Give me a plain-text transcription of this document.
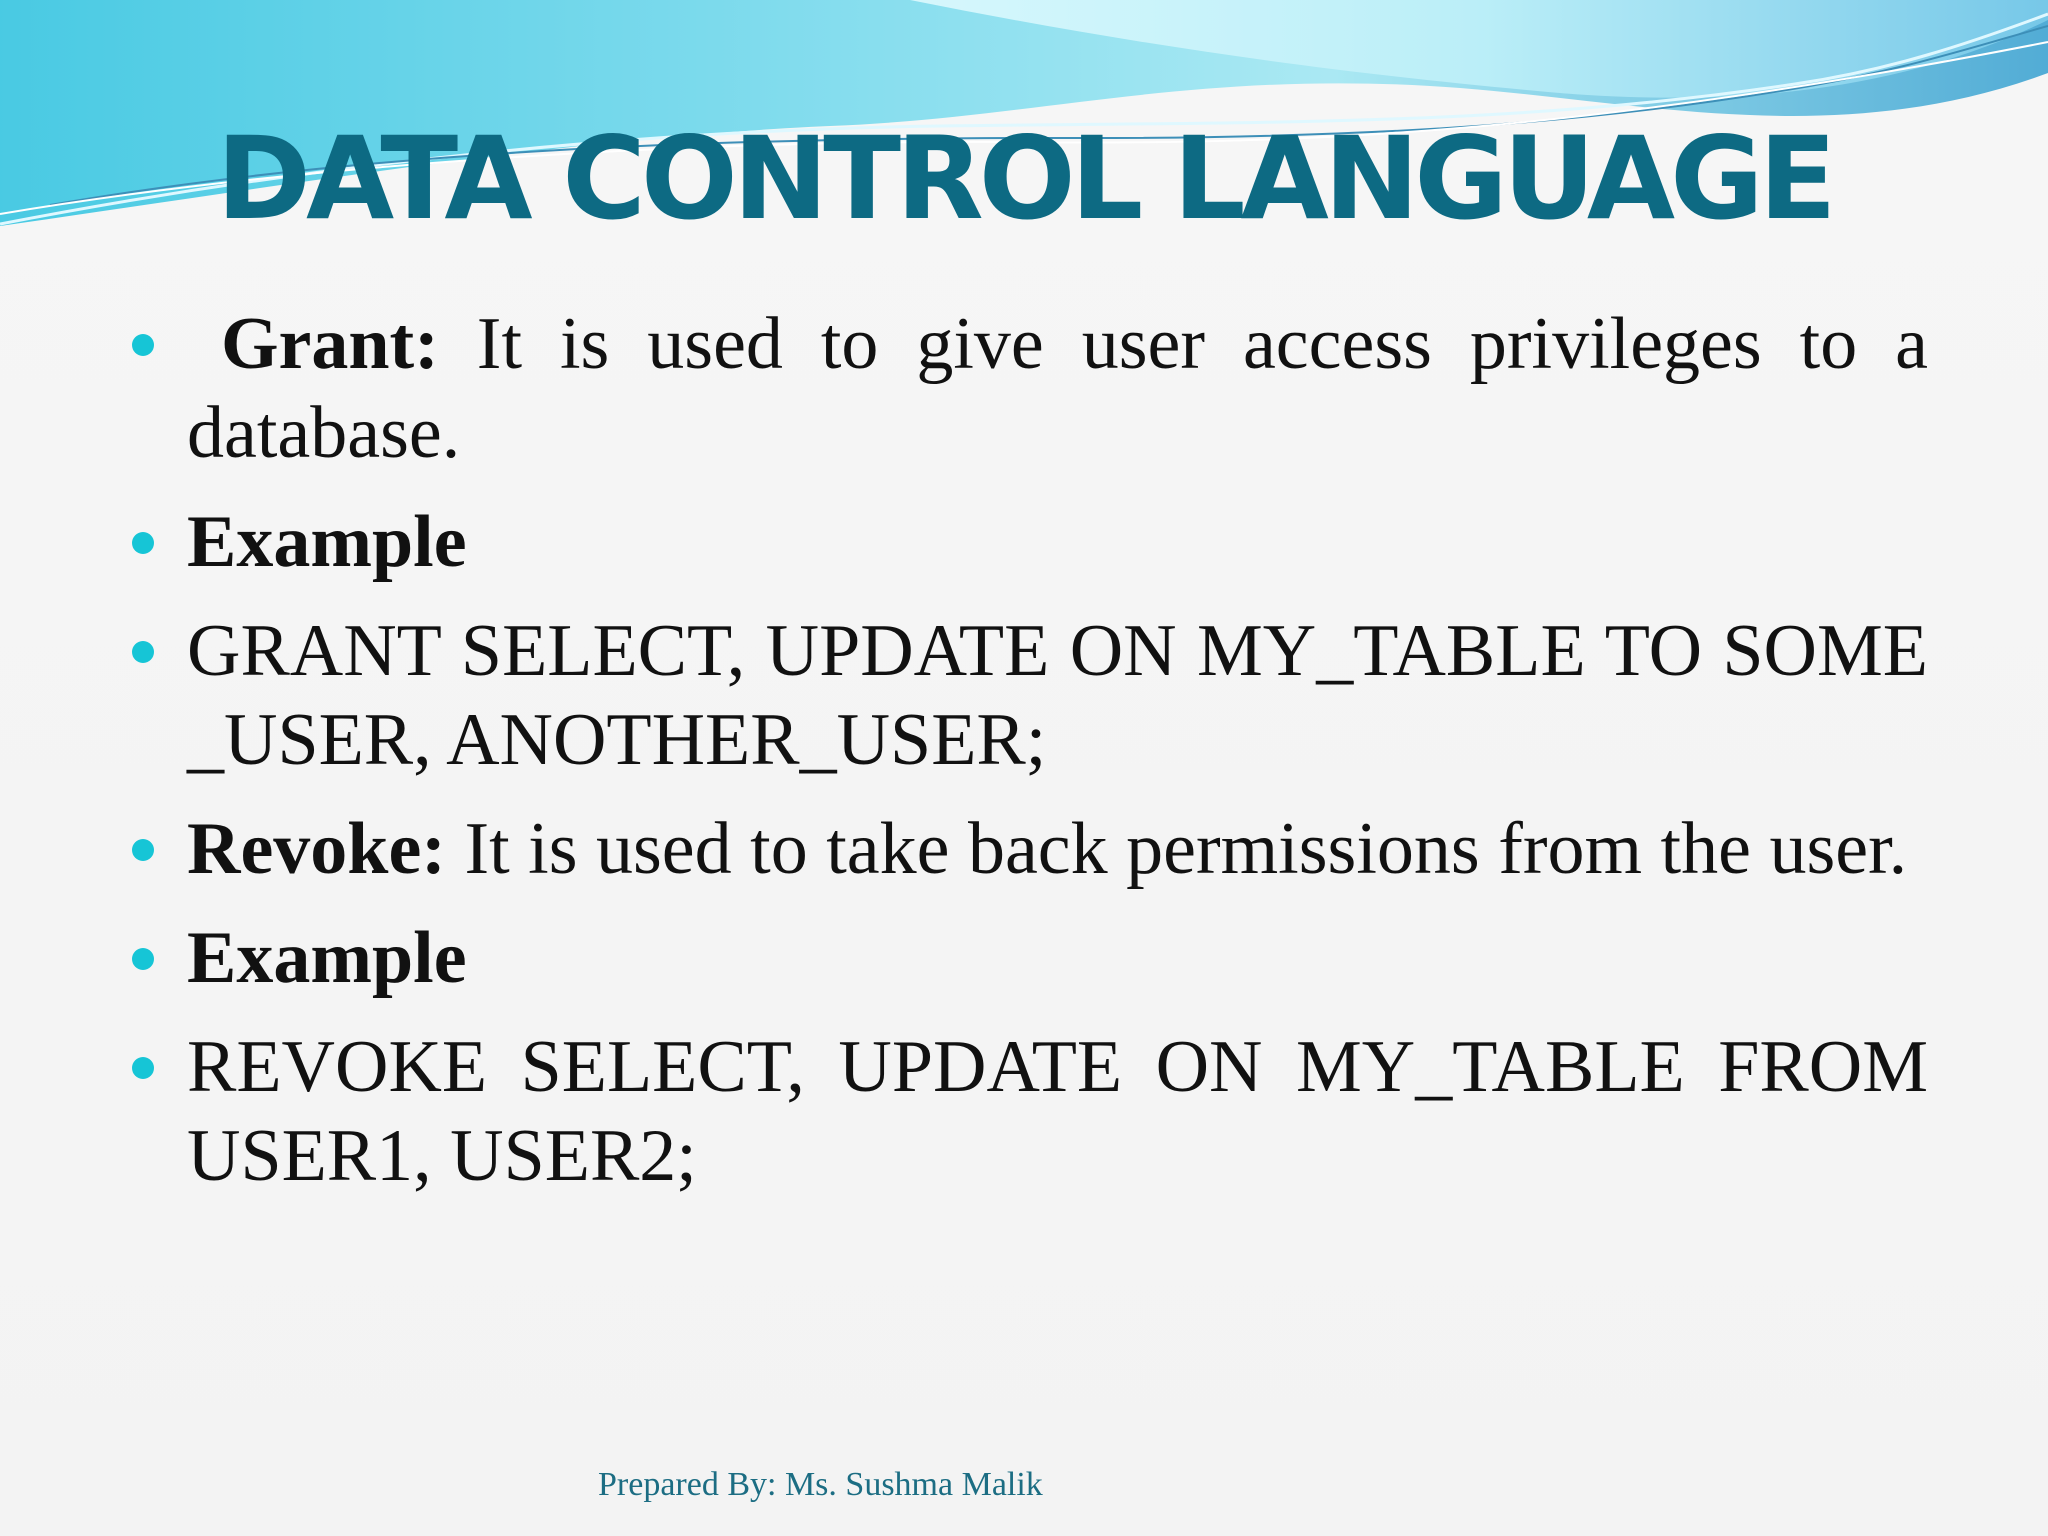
DATA CONTROL LANGUAGE
Grant: It is used to give user access privileges to a database.
Example
GRANT SELECT, UPDATE ON MY_TABLE TO SOME _USER, ANOTHER_USER;
Revoke: It is used to take back permissions from the user.
Example
REVOKE SELECT, UPDATE ON MY_TABLE FROM USER1, USER2;
Prepared By: Ms. Sushma Malik
